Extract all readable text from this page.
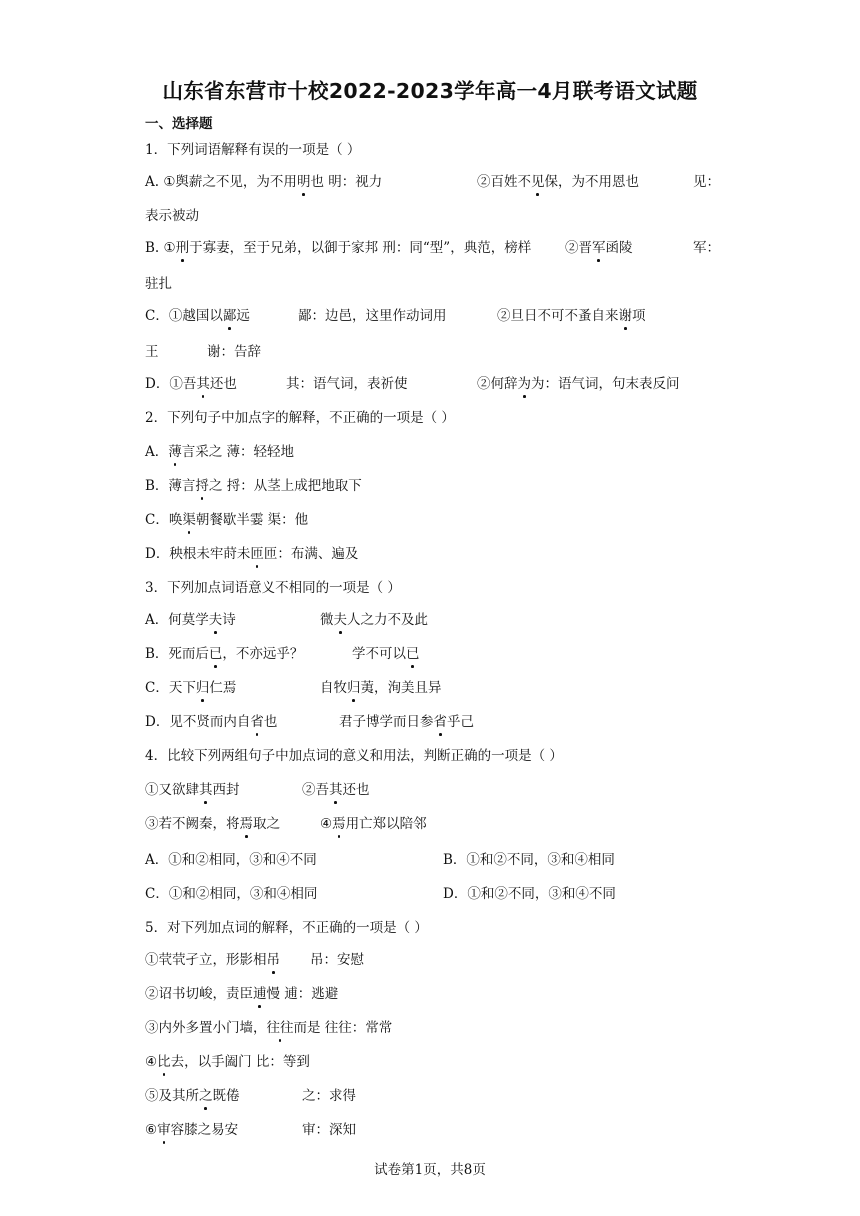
山东省东营市十校2022-2023学年高一4月联考语文试题
一、选择题
1．下列词语解释有误的一项是（ ）
A. ①舆薪之不见，为不用明也 明：视力	②百姓不见保，为不用恩也	见：
表示被动
B. ①刑于寡妻，至于兄弟，以御于家邦 刑：同“型”，典范，榜样	②晋军函陵	军：
驻扎
C．①越国以鄙远	鄙：边邑，这里作动词用	②旦日不可不蚤自来谢项
王	谢：告辞
D．①吾其还也	其：语气词，表祈使	②何辞为为：语气词，句末表反问
2．下列句子中加点字的解释，不正确的一项是（ ）
A．薄言采之 薄：轻轻地
B．薄言捋之 捋：从茎上成把地取下
C．唤渠朝餐歇半霎 渠：他
D．秧根未牢莳未匝匝：布满、遍及
3．下列加点词语意义不相同的一项是（ ）
A．何莫学夫诗	微夫人之力不及此
B．死而后已，不亦远乎？	学不可以已
C．天下归仁焉	自牧归荑，洵美且异
D．见不贤而内自省也	君子博学而日参省乎己
4．比较下列两组句子中加点词的意义和用法，判断正确的一项是（ ）
①又欲肆其西封	②吾其还也
③若不阙秦，将焉取之	④焉用亡郑以陪邻
A．①和②相同，③和④不同	B．①和②不同，③和④相同
C．①和②相同，③和④相同	D．①和②不同，③和④不同
5．对下列加点词的解释，不正确的一项是（ ）
①茕茕孑立，形影相吊 吊：安慰
②诏书切峻，责臣逋慢 逋：逃避
③内外多置小门墙，往往而是 往往：常常
④比去，以手阖门 比：等到
⑤及其所之既倦	之：求得
⑥审容膝之易安	审：深知
试卷第1页，共8页
